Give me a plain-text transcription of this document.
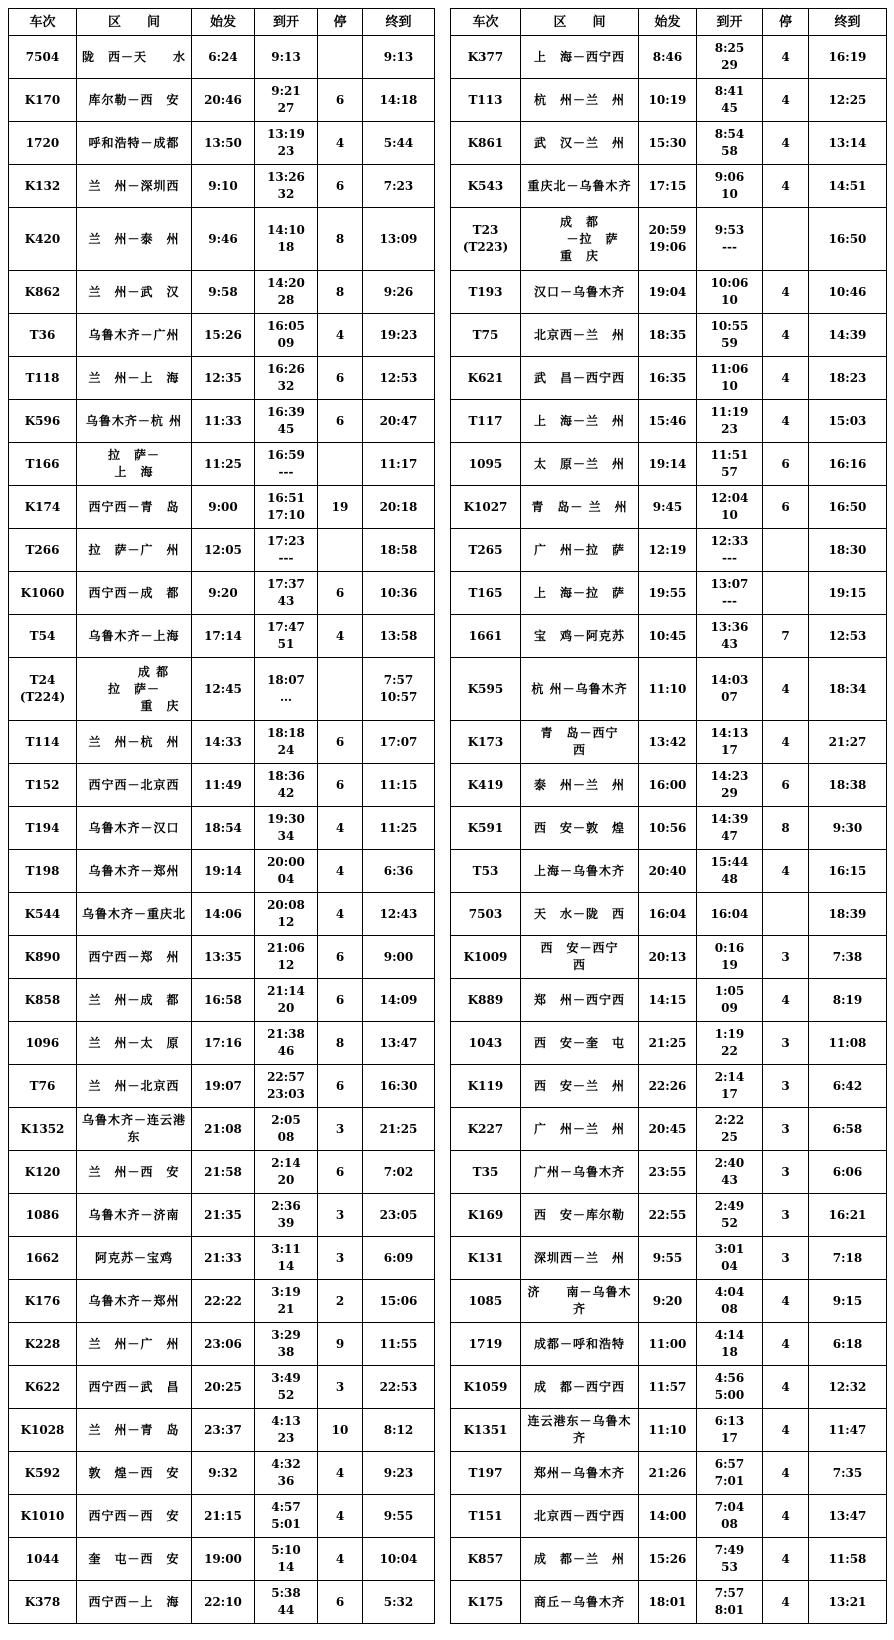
车次	区　　间	始发	到开	停	终到

7504	陇　西－天　　水	6:24	9:13		9:13

K170	库尔勒－西　安	20:46	9:21
27	6	14:18

1720	呼和浩特－成都	13:50	13:19
23	4	5:44

K132	兰　州－深圳西	9:10	13:26
32	6	7:23

K420	兰　州－泰　州	9:46	14:10
18	8	13:09

K862	兰　州－武　汉	9:58	14:20
28	8	9:26

T36	乌鲁木齐－广州	15:26	16:05
09	4	19:23

T118	兰　州－上　海	12:35	16:26
32	6	12:53

K596	乌鲁木齐－杭 州	11:33	16:39
45	6	20:47

T166	拉　萨－
上　海	11:25	16:59
---		11:17

K174	西宁西－青　岛	9:00	16:51
17:10	19	20:18

T266	拉　萨－广　州	12:05	17:23
---		18:58

K1060	西宁西－成　都	9:20	17:37
43	6	10:36

T54	乌鲁木齐－上海	17:14	17:47
51	4	13:58

T24
(T224)	　　　成 都
拉　萨－
　　　　重　庆	12:45	18:07
…		7:57
10:57

T114	兰　州－杭　州	14:33	18:18
24	6	17:07

T152	西宁西－北京西	11:49	18:36
42	6	11:15

T194	乌鲁木齐－汉口	18:54	19:30
34	4	11:25

T198	乌鲁木齐－郑州	19:14	20:00
04	4	6:36

K544	乌鲁木齐－重庆北	14:06	20:08
12	4	12:43

K890	西宁西－郑　州	13:35	21:06
12	6	9:00

K858	兰　州－成　都	16:58	21:14
20	6	14:09

1096	兰　州－太　原	17:16	21:38
46	8	13:47

T76	兰　州－北京西	19:07	22:57
23:03	6	16:30

K1352	乌鲁木齐－连云港
东	21:08	2:05
08	3	21:25

K120	兰　州－西　安	21:58	2:14
20	6	7:02

1086	乌鲁木齐－济南	21:35	2:36
39	3	23:05

1662	阿克苏－宝鸡	21:33	3:11
14	3	6:09

K176	乌鲁木齐－郑州	22:22	3:19
21	2	15:06

K228	兰　州－广　州	23:06	3:29
38	9	11:55

K622	西宁西－武　昌	20:25	3:49
52	3	22:53

K1028	兰　州－青　岛	23:37	4:13
23	10	8:12

K592	敦　煌－西　安	9:32	4:32
36	4	9:23

K1010	西宁西－西　安	21:15	4:57
5:01	4	9:55

1044	奎　屯－西　安	19:00	5:10
14	4	10:04

K378	西宁西－上　海	22:10	5:38
44	6	5:32
车次	区　　间	始发	到开	停	终到

K377	上　海－西宁西	8:46	8:25
29	4	16:19

T113	杭　州－兰　州	10:19	8:41
45	4	12:25

K861	武　汉－兰　州	15:30	8:54
58	4	13:14

K543	重庆北－乌鲁木齐	17:15	9:06
10	4	14:51

T23
(T223)	成　都
　　－拉　萨
重　庆	20:59
19:06	9:53
---		16:50

T193	汉口－乌鲁木齐	19:04	10:06
10	4	10:46

T75	北京西－兰　州	18:35	10:55
59	4	14:39

K621	武　昌－西宁西	16:35	11:06
10	4	18:23

T117	上　海－兰　州	15:46	11:19
23	4	15:03

1095	太　原－兰　州	19:14	11:51
57	6	16:16

K1027	青　岛－ 兰　州	9:45	12:04
10	6	16:50

T265	广　州－拉　萨	12:19	12:33
---		18:30

T165	上　海－拉　萨	19:55	13:07
---		19:15

1661	宝　鸡－阿克苏	10:45	13:36
43	7	12:53

K595	杭 州－乌鲁木齐	11:10	14:03
07	4	18:34

K173	青　岛－西宁
西	13:42	14:13
17	4	21:27

K419	泰　州－兰　州	16:00	14:23
29	6	18:38

K591	西　安－敦　煌	10:56	14:39
47	8	9:30

T53	上海－乌鲁木齐	20:40	15:44
48	4	16:15

7503	天　水－陇　西	16:04	16:04		18:39

K1009	西　安－西宁
西	20:13	0:16
19	3	7:38

K889	郑　州－西宁西	14:15	1:05
09	4	8:19

1043	西　安－奎　屯	21:25	1:19
22	3	11:08

K119	西　安－兰　州	22:26	2:14
17	3	6:42

K227	广　州－兰　州	20:45	2:22
25	3	6:58

T35	广州－乌鲁木齐	23:55	2:40
43	3	6:06

K169	西　安－库尔勒	22:55	2:49
52	3	16:21

K131	深圳西－兰　州	9:55	3:01
04	3	7:18

1085	济　　南－乌鲁木
齐	9:20	4:04
08	4	9:15

1719	成都－呼和浩特	11:00	4:14
18	4	6:18

K1059	成　都－西宁西	11:57	4:56
5:00	4	12:32

K1351	连云港东－乌鲁木
齐	11:10	6:13
17	4	11:47

T197	郑州－乌鲁木齐	21:26	6:57
7:01	4	7:35

T151	北京西－西宁西	14:00	7:04
08	4	13:47

K857	成　都－兰　州	15:26	7:49
53	4	11:58

K175	商丘－乌鲁木齐	18:01	7:57
8:01	4	13:21
